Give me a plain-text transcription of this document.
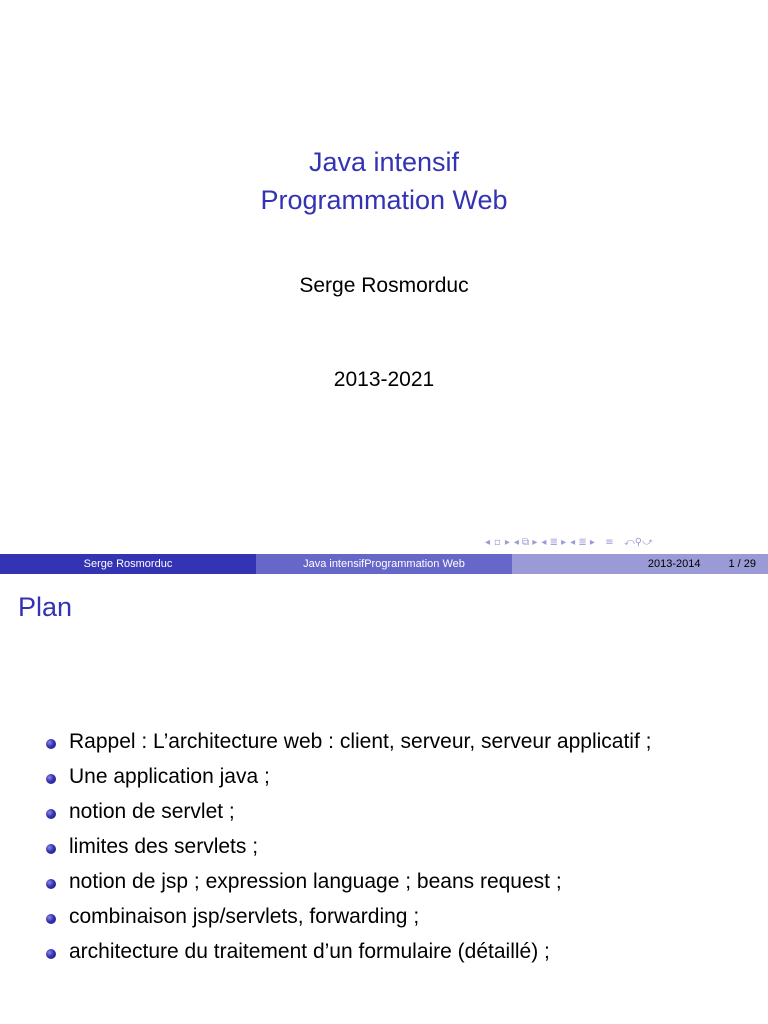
Java intensif
Programmation Web
Serge Rosmorduc
2013-2021
◂ ▫ ▸ ◂ ⧉ ▸ ◂ ≣ ▸ ◂ ≣ ▸ ≡ ⤺⚲⤻
Serge Rosmorduc	Java intensifProgrammation Web	2013-2014	1 / 29
Plan
Rappel : L’architecture web : client, serveur, serveur applicatif ;
Une application java ;
notion de servlet ;
limites des servlets ;
notion de jsp ; expression language ; beans request ;
combinaison jsp/servlets, forwarding ;
architecture du traitement d’un formulaire (détaillé) ;
